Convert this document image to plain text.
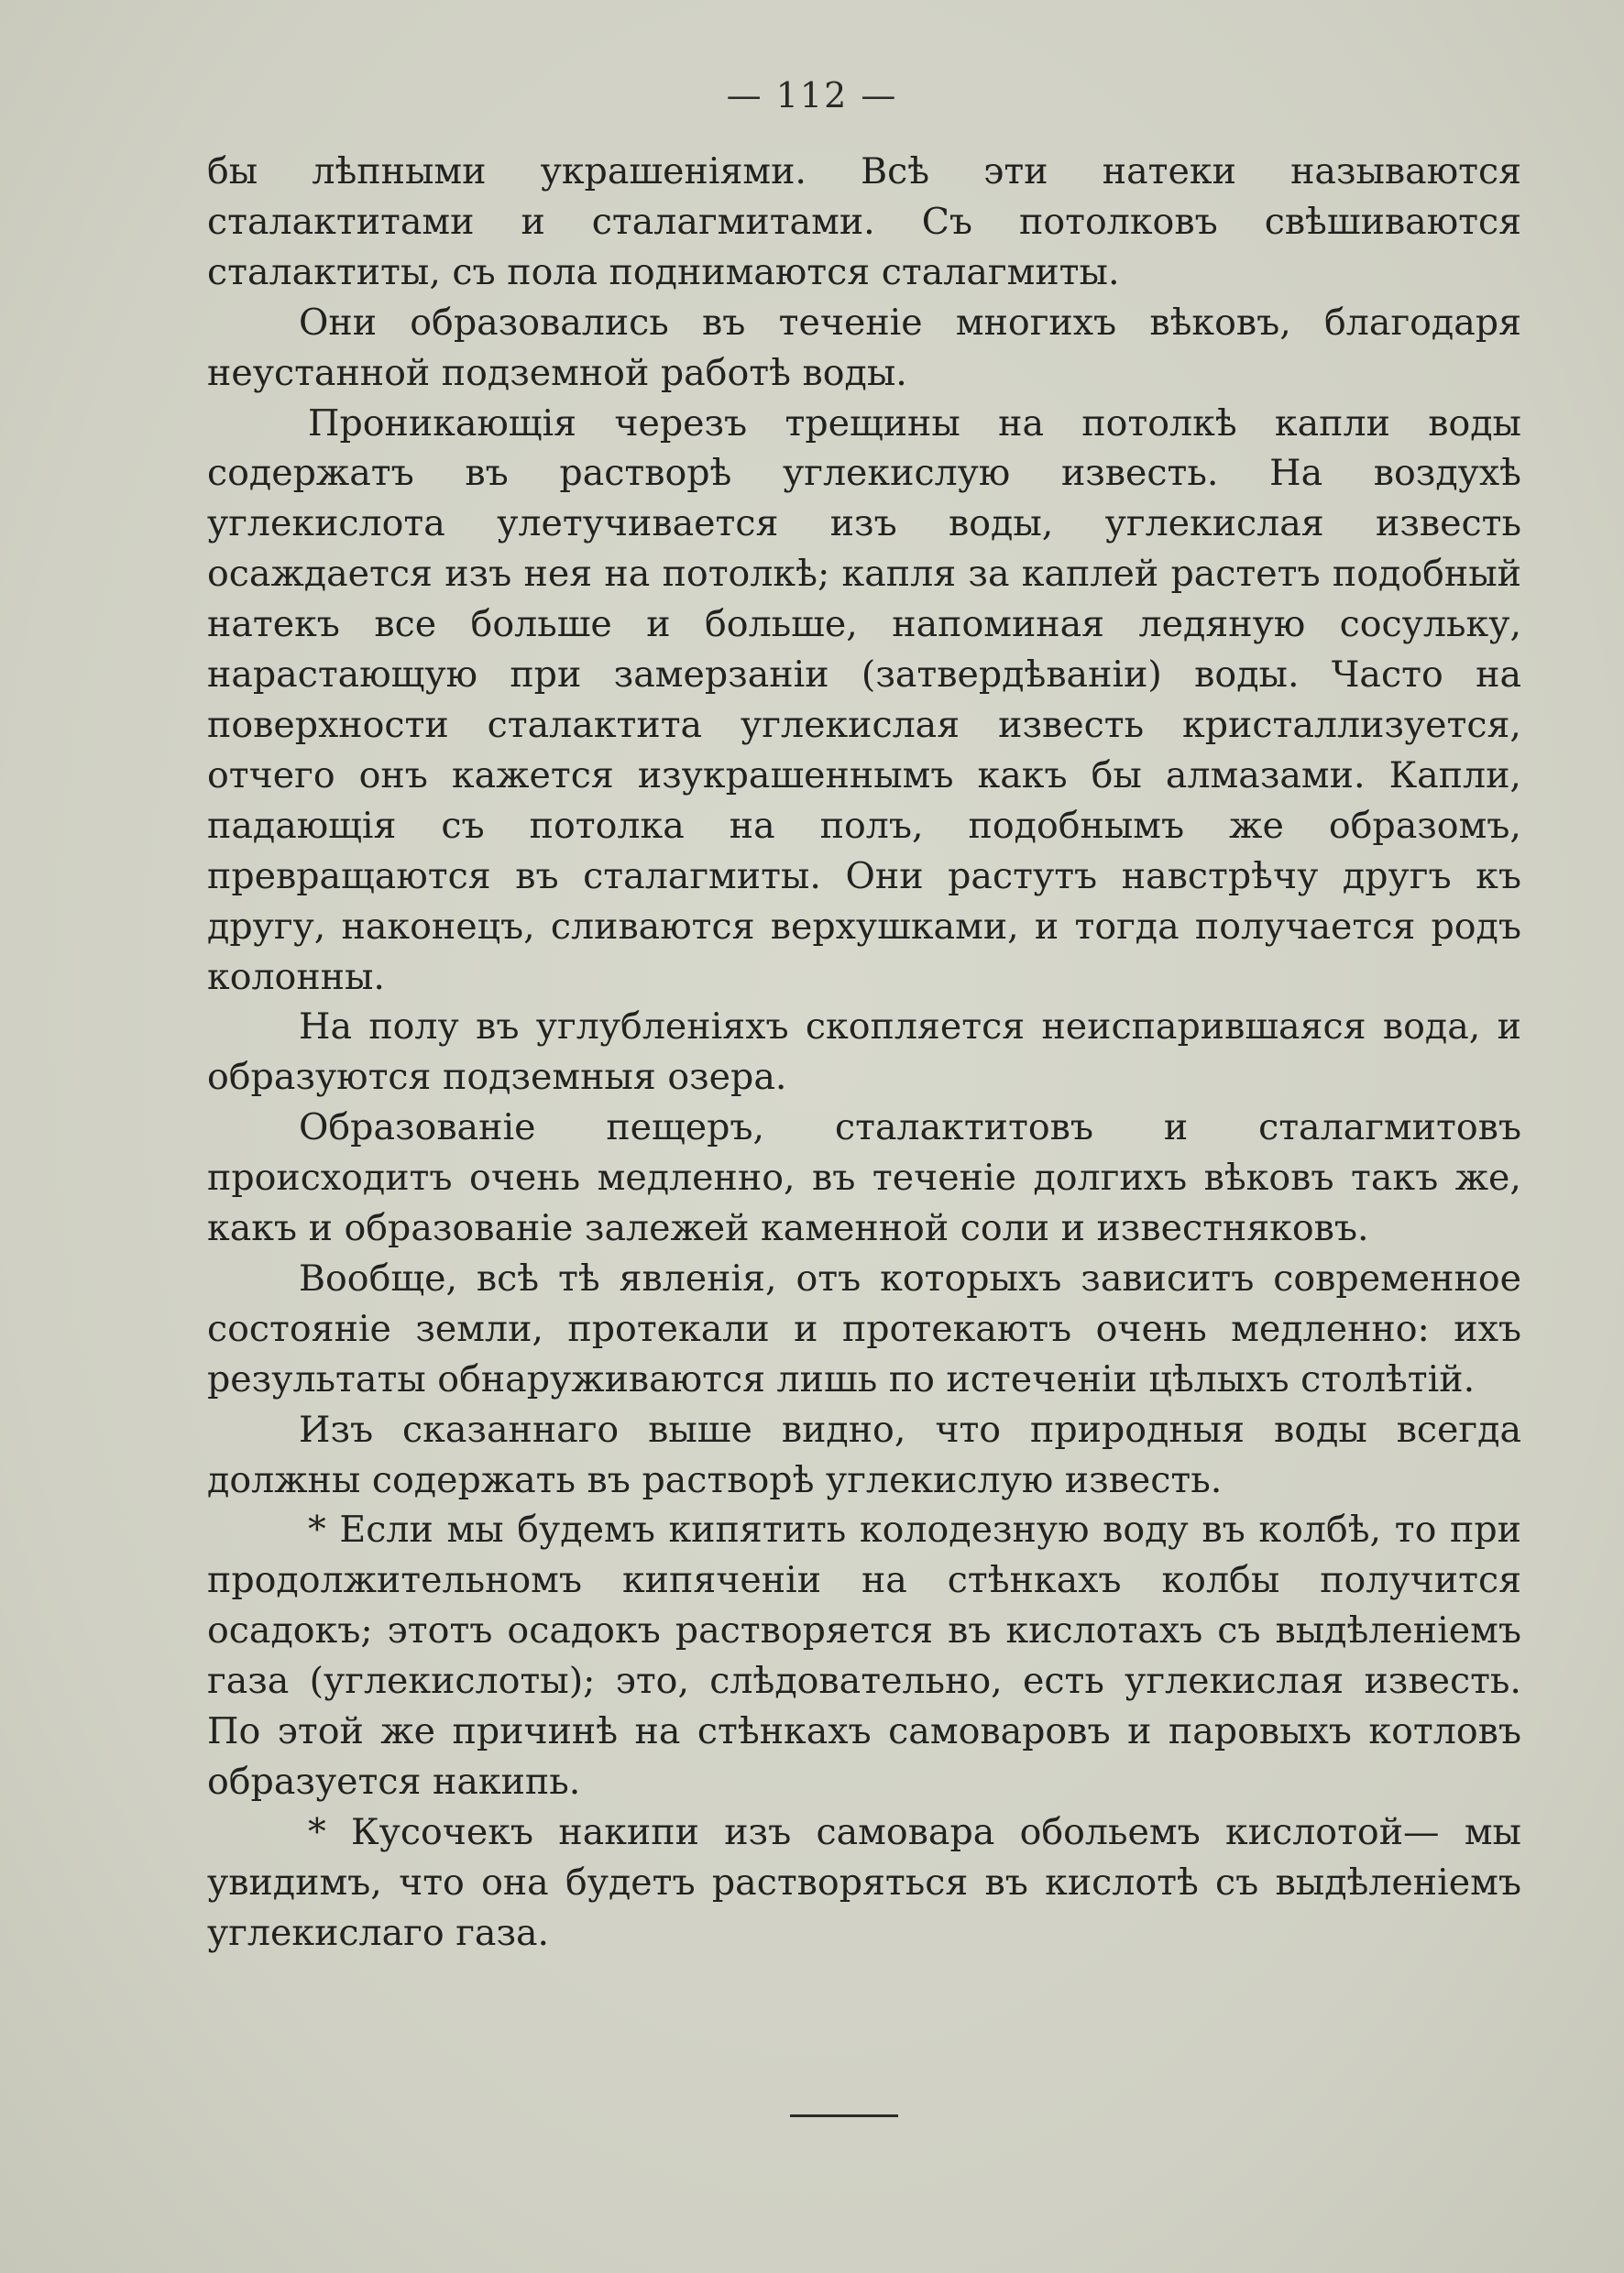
— 112 —

бы лѣпными украшеніями. Всѣ эти натеки называются сталактитами и сталагмитами. Съ потолковъ свѣшиваются сталактиты, съ пола поднимаются сталагмиты.

Они образовались въ теченіе многихъ вѣковъ, благодаря неустанной подземной работѣ воды.

Проникающія черезъ трещины на потолкѣ капли воды содержатъ въ растворѣ углекислую известь. На воздухѣ углекислота улетучивается изъ воды, углекислая известь осаждается изъ нея на потолкѣ; капля за каплей растетъ подобный натекъ все больше и больше, напоминая ледяную сосульку, нарастающую при замерзаніи (затвердѣваніи) воды. Часто на поверхности сталактита углекислая известь кристаллизуется, отчего онъ кажется изукрашеннымъ какъ бы алмазами. Капли, падающія съ потолка на полъ, подобнымъ же образомъ, превращаются въ сталагмиты. Они растутъ навстрѣчу другъ къ другу, наконецъ, сливаются верхушками, и тогда получается родъ колонны.

На полу въ углубленіяхъ скопляется неиспарившаяся вода, и образуются подземныя озера.

Образованіе пещеръ, сталактитовъ и сталагмитовъ происходитъ очень медленно, въ теченіе долгихъ вѣковъ такъ же, какъ и образованіе залежей каменной соли и известняковъ.

Вообще, всѣ тѣ явленія, отъ которыхъ зависитъ современное состояніе земли, протекали и протекаютъ очень медленно: ихъ результаты обнаруживаются лишь по истеченіи цѣлыхъ столѣтій.

Изъ сказаннаго выше видно, что природныя воды всегда должны содержать въ растворѣ углекислую известь.

* Если мы будемъ кипятить колодезную воду въ колбѣ, то при продолжительномъ кипяченіи на стѣнкахъ колбы получится осадокъ; этотъ осадокъ растворяется въ кислотахъ съ выдѣленіемъ газа (углекислоты); это, слѣдовательно, есть углекислая известь. По этой же причинѣ на стѣнкахъ самоваровъ и паровыхъ котловъ образуется накипь.

* Кусочекъ накипи изъ самовара обольемъ кислотой— мы увидимъ, что она будетъ растворяться въ кислотѣ съ выдѣленіемъ углекислаго газа.
